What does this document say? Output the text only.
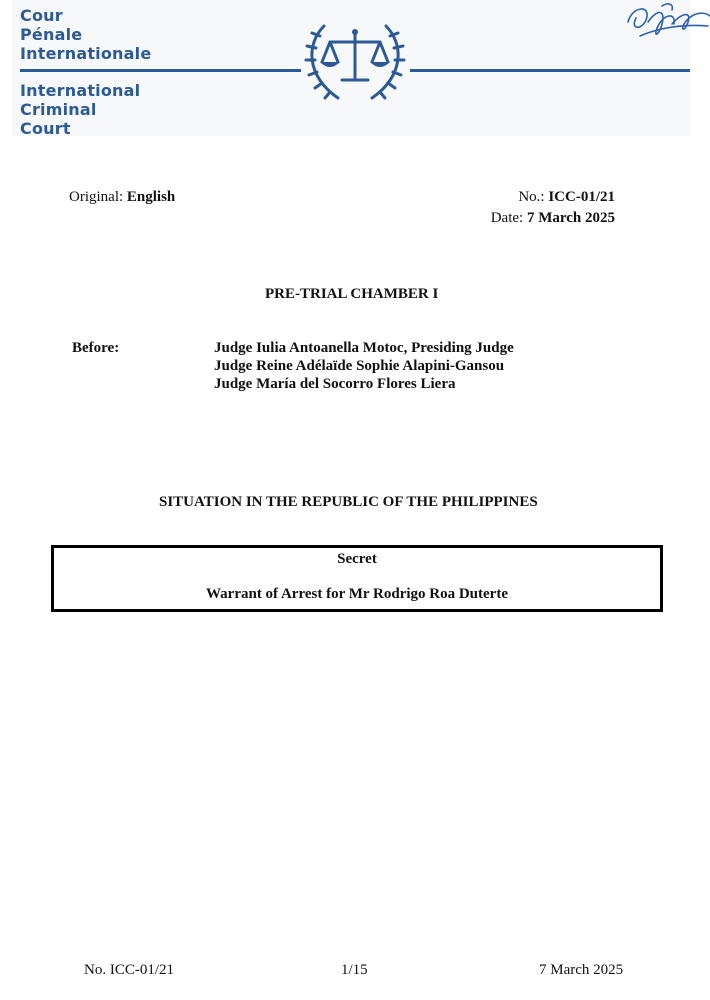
Cour
Pénale
Internationale
International
Criminal
Court
Original: English	No.: ICC-01/21
Date: 7 March 2025
PRE-TRIAL CHAMBER I
Before:	Judge Iulia Antoanella Motoc, Presiding Judge
Judge Reine Adélaïde Sophie Alapini-Gansou
Judge María del Socorro Flores Liera
SITUATION IN THE REPUBLIC OF THE PHILIPPINES
Secret
Warrant of Arrest for Mr Rodrigo Roa Duterte
No. ICC-01/21	1/15	7 March 2025
